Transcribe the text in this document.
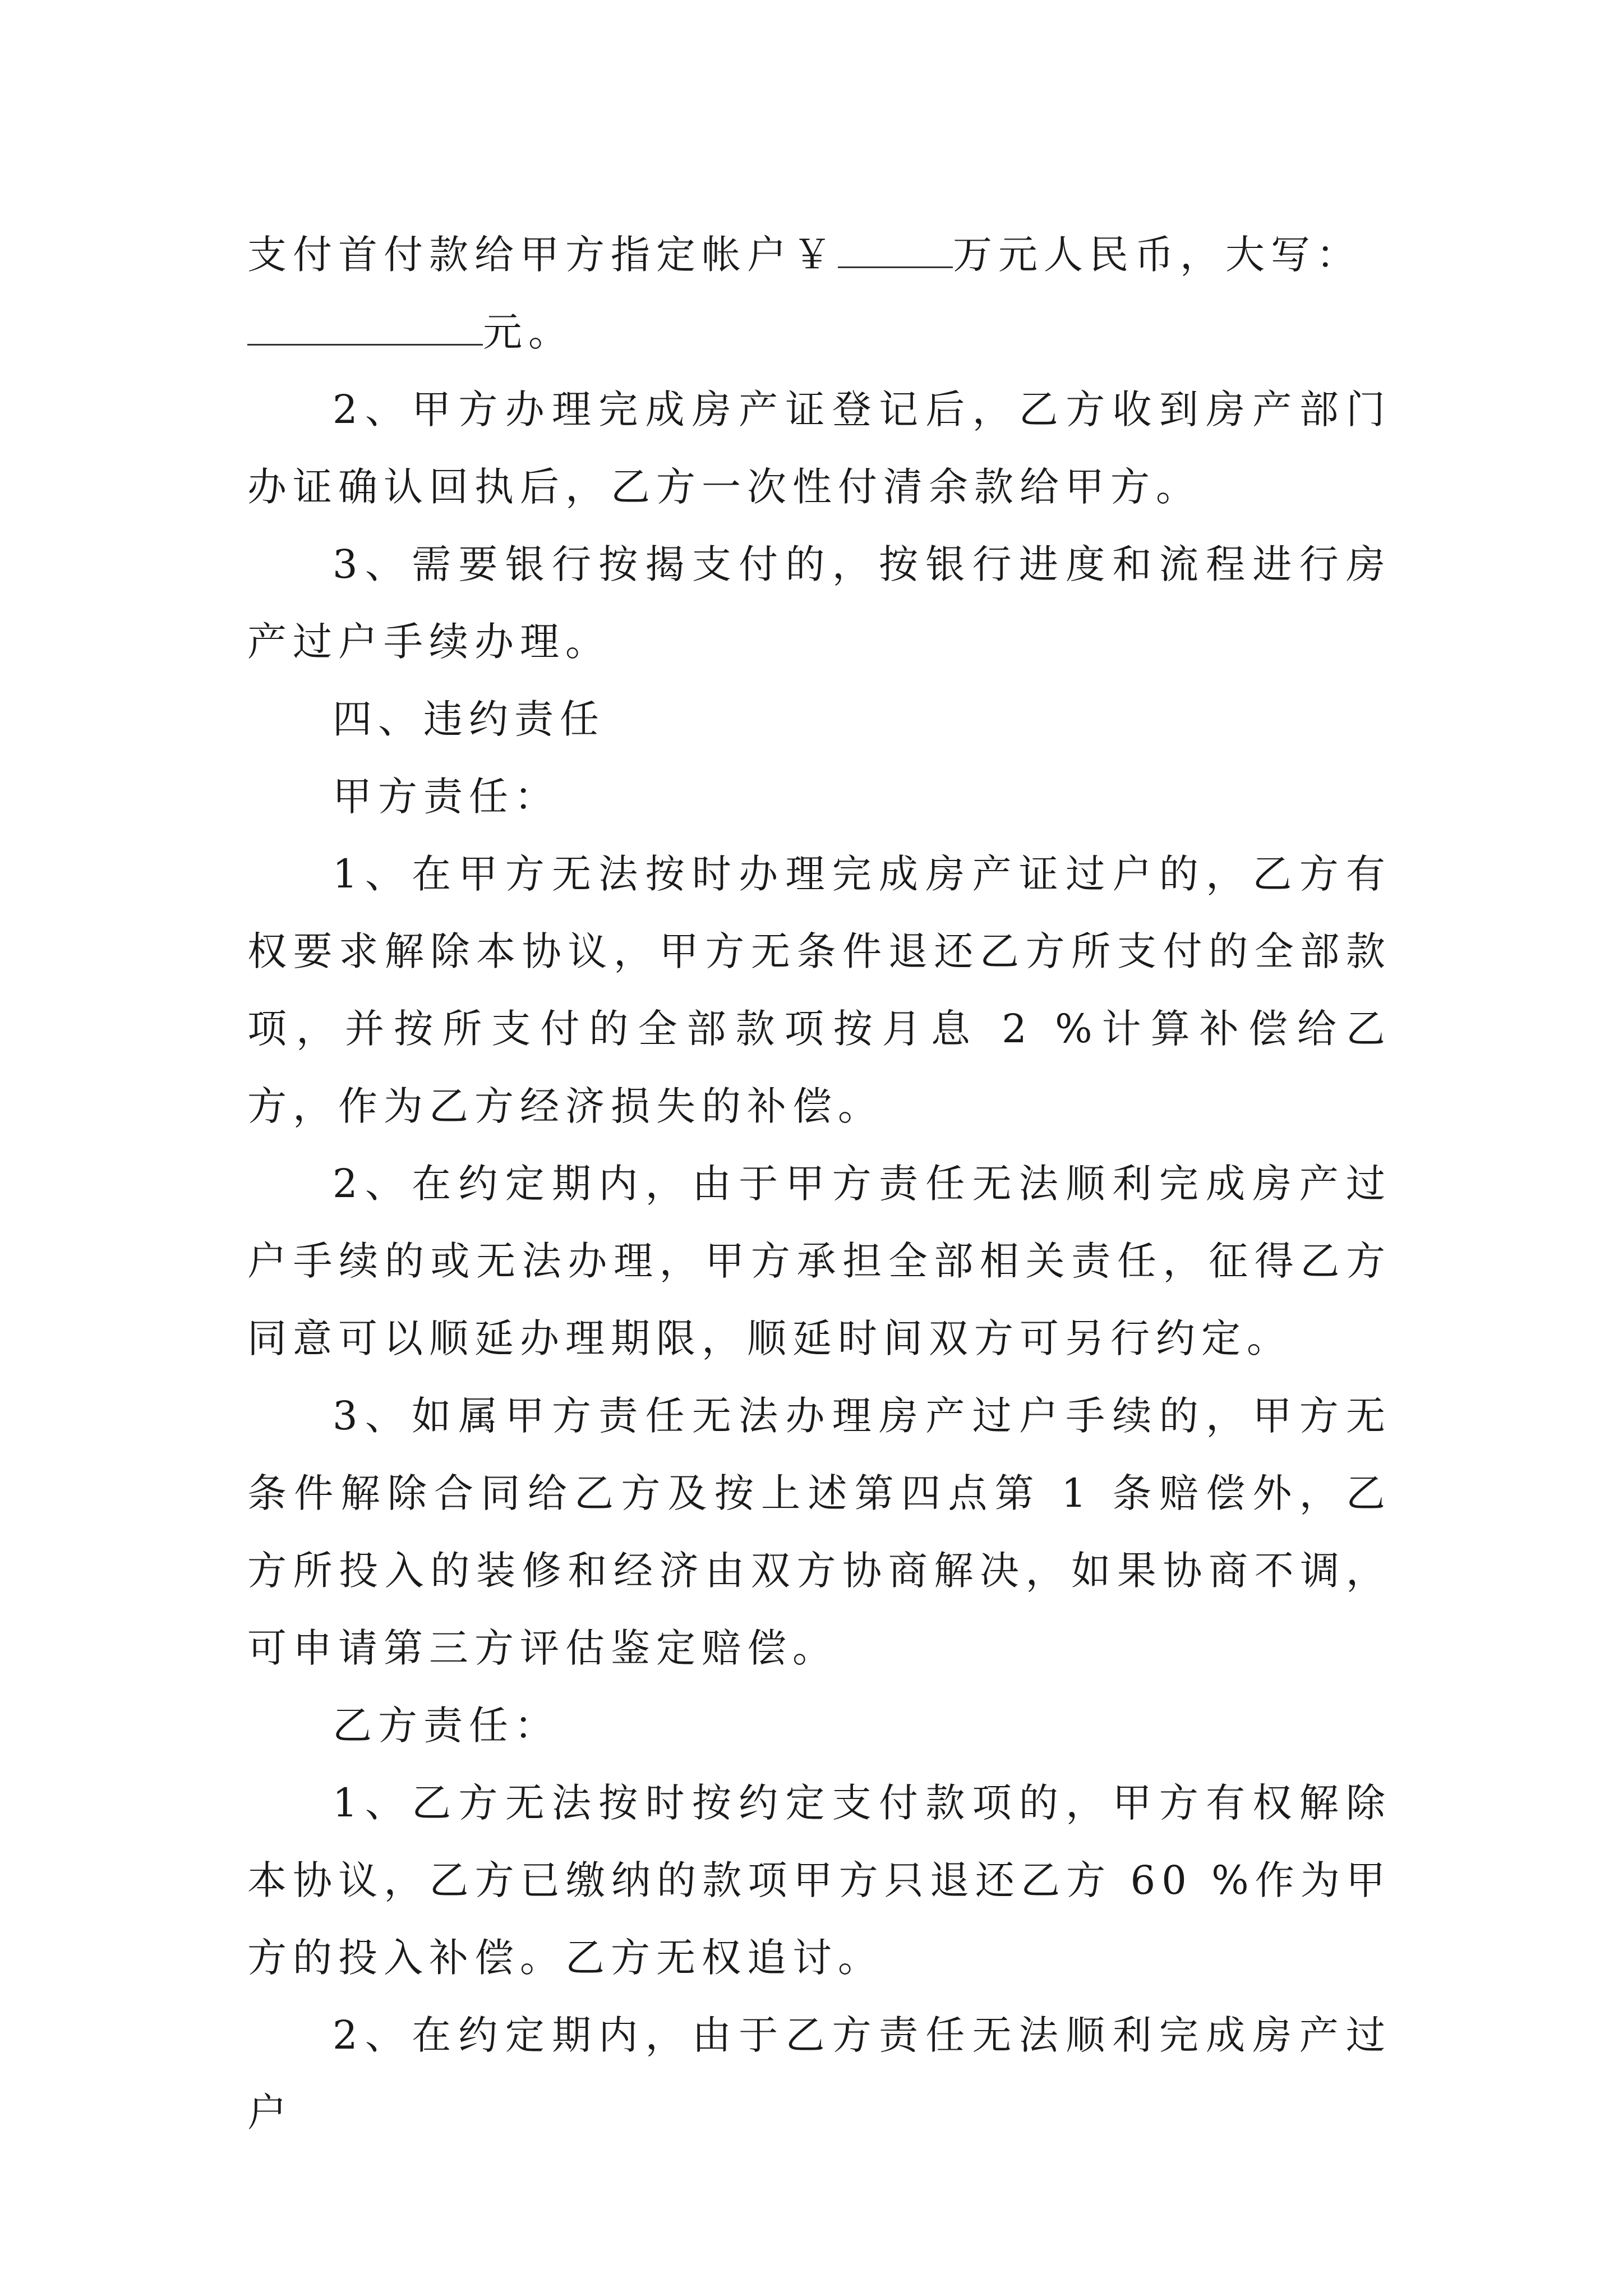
支付首付款给甲方指定帐户￥	万元人民币，大写：
元。

2、甲方办理完成房产证登记后，乙方收到房产部门办证确认回执后，乙方一次性付清余款给甲方。

3、需要银行按揭支付的，按银行进度和流程进行房产过户手续办理。

四、违约责任

甲方责任：

1、在甲方无法按时办理完成房产证过户的，乙方有权要求解除本协议，甲方无条件退还乙方所支付的全部款项，并按所支付的全部款项按月息 2 %计算补偿给乙方，作为乙方经济损失的补偿。

2、在约定期内，由于甲方责任无法顺利完成房产过户手续的或无法办理，甲方承担全部相关责任，征得乙方同意可以顺延办理期限，顺延时间双方可另行约定。

3、如属甲方责任无法办理房产过户手续的，甲方无条件解除合同给乙方及按上述第四点第 1 条赔偿外，乙方所投入的装修和经济由双方协商解决，如果协商不调，可申请第三方评估鉴定赔偿。

乙方责任：

1、乙方无法按时按约定支付款项的，甲方有权解除本协议，乙方已缴纳的款项甲方只退还乙方 60 %作为甲方的投入补偿。乙方无权追讨。

2、在约定期内，由于乙方责任无法顺利完成房产过户
